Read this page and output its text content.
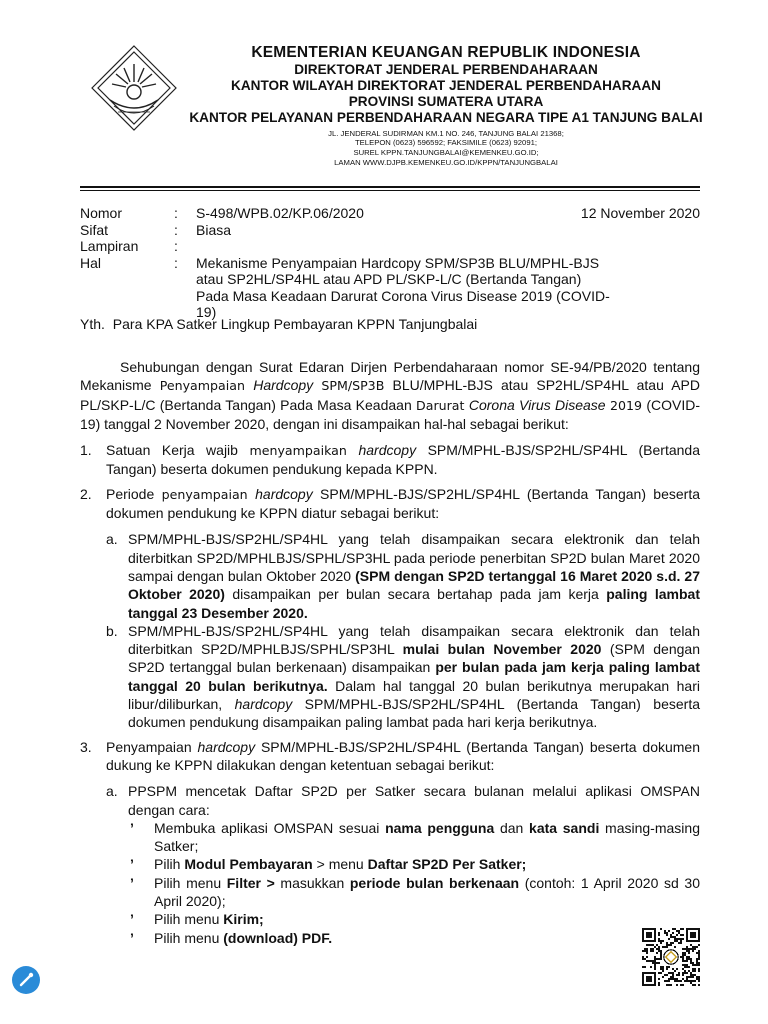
KEMENTERIAN KEUANGAN REPUBLIK INDONESIA
DIREKTORAT JENDERAL PERBENDAHARAAN
KANTOR WILAYAH DIREKTORAT JENDERAL PERBENDAHARAAN
PROVINSI SUMATERA UTARA
KANTOR PELAYANAN PERBENDAHARAAN NEGARA TIPE A1 TANJUNG BALAI
JL. JENDERAL SUDIRMAN KM.1 NO. 246, TANJUNG BALAI 21368;
TELEPON (0623) 596592; FAKSIMILE (0623) 92091;
SUREL KPPN.TANJUNGBALAI@KEMENKEU.GO.ID;
LAMAN WWW.DJPB.KEMENKEU.GO.ID/KPPN/TANJUNGBALAI
Nomor	:	S-498/WPB.02/KP.06/2020	12 November 2020
Sifat	:	Biasa
Lampiran	:
Hal	:	Mekanisme Penyampaian Hardcopy SPM/SP3B BLU/MPHL-BJS atau SP2HL/SP4HL atau APD PL/SKP-L/C (Bertanda Tangan) Pada Masa Keadaan Darurat Corona Virus Disease 2019 (COVID-19)
Yth. Para KPA Satker Lingkup Pembayaran KPPN Tanjungbalai

Sehubungan dengan Surat Edaran Dirjen Perbendaharaan nomor SE-94/PB/2020 tentang Mekanisme Penyampaian Hardcopy SPM/SP3B BLU/MPHL-BJS atau SP2HL/SP4HL atau APD PL/SKP-L/C (Bertanda Tangan) Pada Masa Keadaan Darurat Corona Virus Disease 2019 (COVID-19) tanggal 2 November 2020, dengan ini disampaikan hal-hal sebagai berikut:

1.	Satuan Kerja wajib menyampaikan hardcopy SPM/MPHL-BJS/SP2HL/SP4HL (Bertanda Tangan) beserta dokumen pendukung kepada KPPN.
2.	Periode penyampaian hardcopy SPM/MPHL-BJS/SP2HL/SP4HL (Bertanda Tangan) beserta dokumen pendukung ke KPPN diatur sebagai berikut:
a. SPM/MPHL-BJS/SP2HL/SP4HL yang telah disampaikan secara elektronik dan telah diterbitkan SP2D/MPHLBJS/SPHL/SP3HL pada periode penerbitan SP2D bulan Maret 2020 sampai dengan bulan Oktober 2020 (SPM dengan SP2D tertanggal 16 Maret 2020 s.d. 27 Oktober 2020) disampaikan per bulan secara bertahap pada jam kerja paling lambat tanggal 23 Desember 2020.
b. SPM/MPHL-BJS/SP2HL/SP4HL yang telah disampaikan secara elektronik dan telah diterbitkan SP2D/MPHLBJS/SPHL/SP3HL mulai bulan November 2020 (SPM dengan SP2D tertanggal bulan berkenaan) disampaikan per bulan pada jam kerja paling lambat tanggal 20 bulan berikutnya. Dalam hal tanggal 20 bulan berikutnya merupakan hari libur/diliburkan, hardcopy SPM/MPHL-BJS/SP2HL/SP4HL (Bertanda Tangan) beserta dokumen pendukung disampaikan paling lambat pada hari kerja berikutnya.
3.	Penyampaian hardcopy SPM/MPHL-BJS/SP2HL/SP4HL (Bertanda Tangan) beserta dokumen dukung ke KPPN dilakukan dengan ketentuan sebagai berikut:
a. PPSPM mencetak Daftar SP2D per Satker secara bulanan melalui aplikasi OMSPAN dengan cara:
’	Membuka aplikasi OMSPAN sesuai nama pengguna dan kata sandi masing-masing Satker;
’	Pilih Modul Pembayaran > menu Daftar SP2D Per Satker;
’	Pilih menu Filter > masukkan periode bulan berkenaan (contoh: 1 April 2020 sd 30 April 2020);
’	Pilih menu Kirim;
’	Pilih menu (download) PDF.
